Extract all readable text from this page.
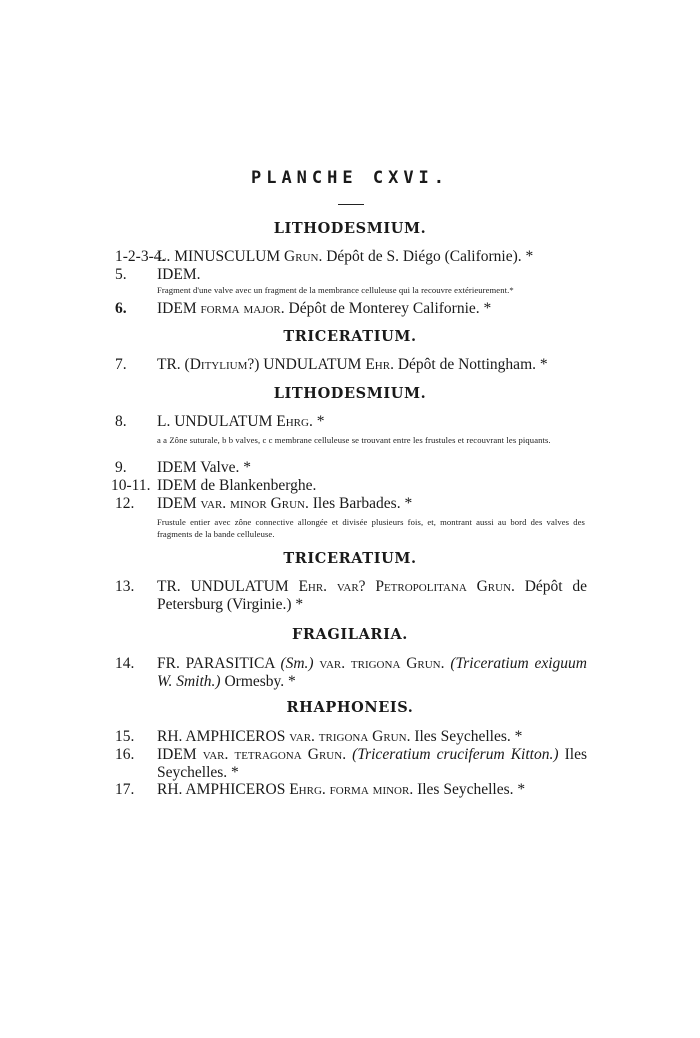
PLANCHE CXVI.
LITHODESMIUM.
1-2-3-4.
L. MINUSCULUM Grun. Dépôt de S. Diégo (Californie). *
5. IDEM.
Fragment d'une valve avec un fragment de la membrance celluleuse qui la recouvre extérieurement.*
6. IDEM forma major. Dépôt de Monterey Californie. *
TRICERATIUM.
7. TR. (Ditylium?) UNDULATUM Ehr. Dépôt de Nottingham. *
LITHODESMIUM.
8. L. UNDULATUM Ehrg. *
a a Zône suturale, b b valves, c c membrane celluleuse se trouvant entre les frustules et recouvrant les piquants.
9. IDEM Valve. *
10-11. IDEM de Blankenberghe.
12. IDEM var. minor Grun. Iles Barbades. *
Frustule entier avec zône connective allongée et divisée plusieurs fois, et, montrant aussi au bord des valves des fragments de la bande celluleuse.
TRICERATIUM.
13. TR. UNDULATUM Ehr. var? Petropolitana Grun. Dépôt de Petersburg (Virginie.) *
FRAGILARIA.
14. FR. PARASITICA (Sm.) var. trigona Grun. (Triceratium exiguum W. Smith.) Ormesby. *
RHAPHONEIS.
15. RH. AMPHICEROS var. trigona Grun. Iles Seychelles. *
16. IDEM var. tetragona Grun. (Triceratium cruciferum Kitton.) Iles Seychelles. *
17. RH. AMPHICEROS Ehrg. forma minor. Iles Seychelles. *
